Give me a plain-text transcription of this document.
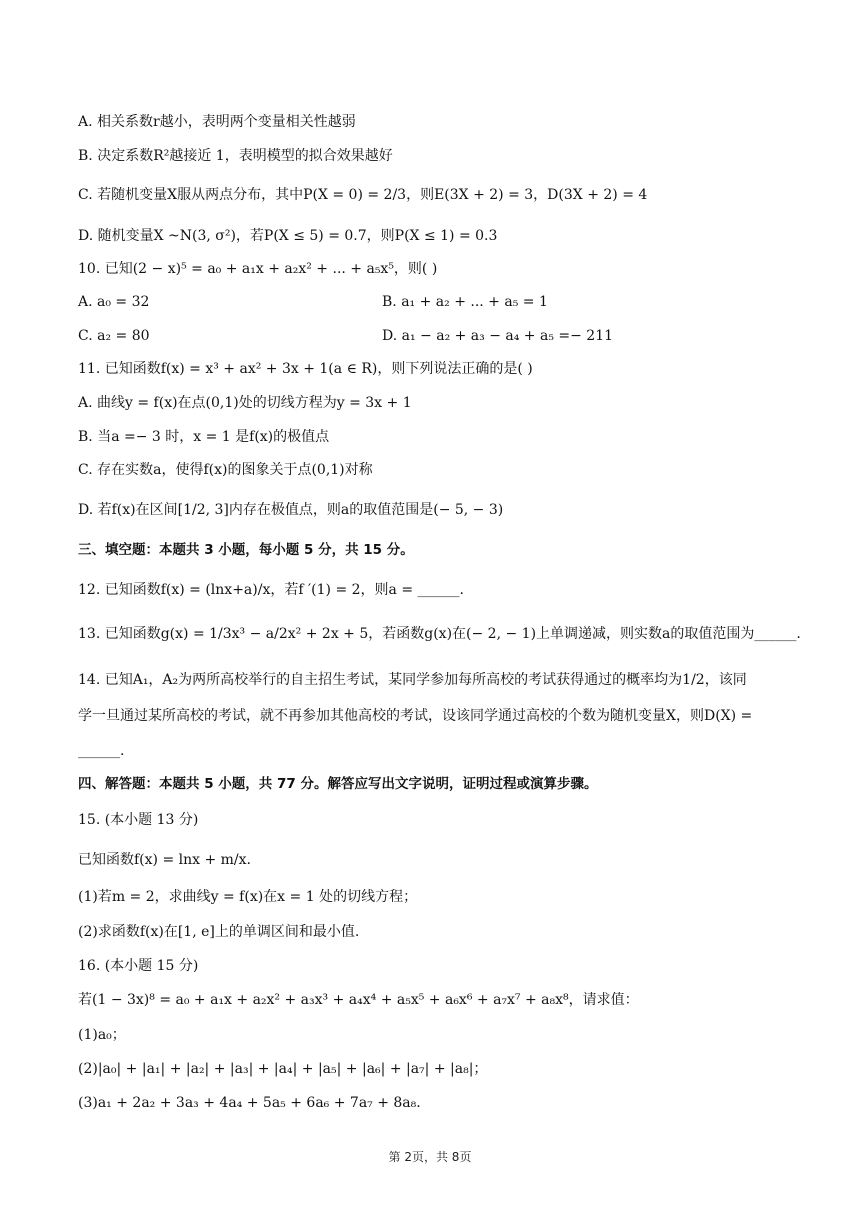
A. 相关系数r越小，表明两个变量相关性越弱
B. 决定系数R²越接近 1，表明模型的拟合效果越好
C. 若随机变量X服从两点分布，其中P(X = 0) = 2/3，则E(3X + 2) = 3，D(3X + 2) = 4
D. 随机变量X ~N(3, σ²)，若P(X ≤ 5) = 0.7，则P(X ≤ 1) = 0.3
10. 已知(2 − x)⁵ = a₀ + a₁x + a₂x² + ... + a₅x⁵，则( )
A. a₀ = 32	B. a₁ + a₂ + ... + a₅ = 1
C. a₂ = 80	D. a₁ − a₂ + a₃ − a₄ + a₅ =− 211
11. 已知函数f(x) = x³ + ax² + 3x + 1(a ∈ R)，则下列说法正确的是( )
A. 曲线y = f(x)在点(0,1)处的切线方程为y = 3x + 1
B. 当a =− 3 时，x = 1 是f(x)的极值点
C. 存在实数a，使得f(x)的图象关于点(0,1)对称
D. 若f(x)在区间[1/2, 3]内存在极值点，则a的取值范围是(− 5, − 3)
三、填空题：本题共 3 小题，每小题 5 分，共 15 分。
12. 已知函数f(x) = (lnx+a)/x，若f ′(1) = 2，则a = ______.
13. 已知函数g(x) = 1/3x³ − a/2x² + 2x + 5，若函数g(x)在(− 2, − 1)上单调递减，则实数a的取值范围为______.
14. 已知A₁，A₂为两所高校举行的自主招生考试，某同学参加每所高校的考试获得通过的概率均为1/2，该同
学一旦通过某所高校的考试，就不再参加其他高校的考试，设该同学通过高校的个数为随机变量X，则D(X) =
______.
四、解答题：本题共 5 小题，共 77 分。解答应写出文字说明，证明过程或演算步骤。
15. (本小题 13 分)
已知函数f(x) = lnx + m/x.
(1)若m = 2，求曲线y = f(x)在x = 1 处的切线方程；
(2)求函数f(x)在[1, e]上的单调区间和最小值.
16. (本小题 15 分)
若(1 − 3x)⁸ = a₀ + a₁x + a₂x² + a₃x³ + a₄x⁴ + a₅x⁵ + a₆x⁶ + a₇x⁷ + a₈x⁸，请求值：
(1)a₀；
(2)|a₀| + |a₁| + |a₂| + |a₃| + |a₄| + |a₅| + |a₆| + |a₇| + |a₈|；
(3)a₁ + 2a₂ + 3a₃ + 4a₄ + 5a₅ + 6a₆ + 7a₇ + 8a₈.
第 2页，共 8页
